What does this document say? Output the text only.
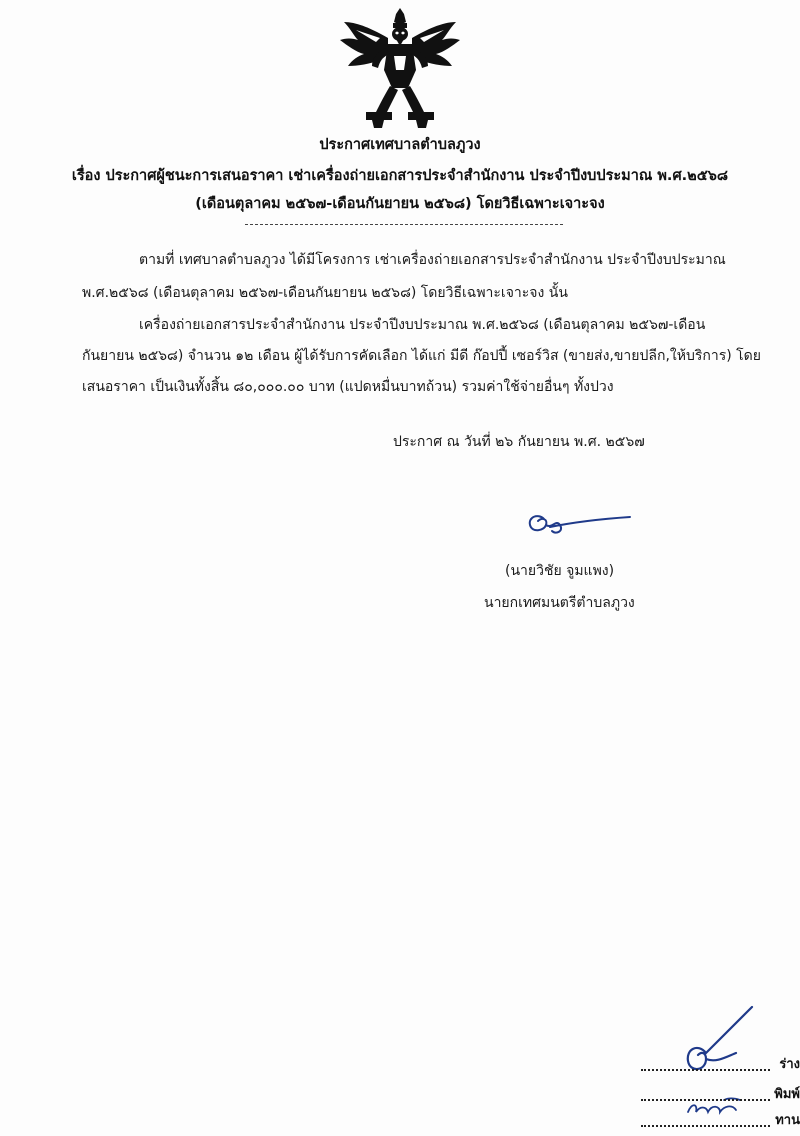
ประกาศเทศบาลตำบลภูวง
เรื่อง ประกาศผู้ชนะการเสนอราคา เช่าเครื่องถ่ายเอกสารประจำสำนักงาน ประจำปีงบประมาณ พ.ศ.๒๕๖๘
(เดือนตุลาคม ๒๕๖๗-เดือนกันยายน ๒๕๖๘) โดยวิธีเฉพาะเจาะจง
ตามที่ เทศบาลตำบลภูวง ได้มีโครงการ เช่าเครื่องถ่ายเอกสารประจำสำนักงาน ประจำปีงบประมาณ
พ.ศ.๒๕๖๘ (เดือนตุลาคม ๒๕๖๗-เดือนกันยายน ๒๕๖๘) โดยวิธีเฉพาะเจาะจง นั้น
เครื่องถ่ายเอกสารประจำสำนักงาน ประจำปีงบประมาณ พ.ศ.๒๕๖๘ (เดือนตุลาคม ๒๕๖๗-เดือน
กันยายน ๒๕๖๘) จำนวน ๑๒ เดือน ผู้ได้รับการคัดเลือก ได้แก่ มีดี ก๊อปปี้ เซอร์วิส (ขายส่ง,ขายปลีก,ให้บริการ) โดย
เสนอราคา เป็นเงินทั้งสิ้น ๘๐,๐๐๐.๐๐ บาท (แปดหมื่นบาทถ้วน) รวมค่าใช้จ่ายอื่นๆ ทั้งปวง
ประกาศ ณ วันที่ ๒๖ กันยายน พ.ศ. ๒๕๖๗
(นายวิชัย จูมแพง)
นายกเทศมนตรีตำบลภูวง
ร่าง
พิมพ์
ทาน
